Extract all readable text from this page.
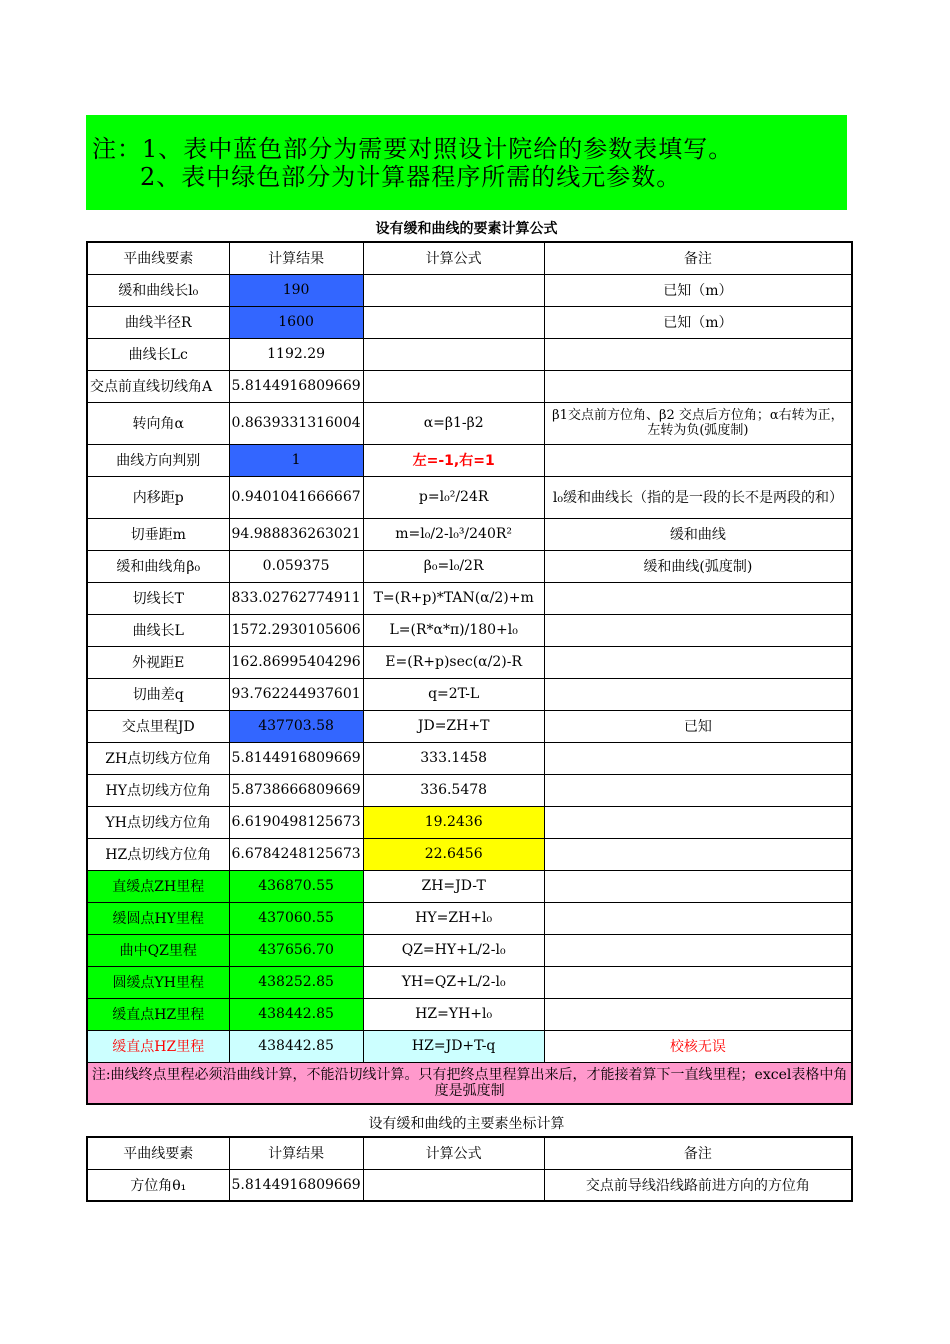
注：1、表中蓝色部分为需要对照设计院给的参数表填写。
2、表中绿色部分为计算器程序所需的线元参数。
设有缓和曲线的要素计算公式
平曲线要素	计算结果	计算公式	备注
缓和曲线长l₀	190		已知（m）
曲线半径R	1600		已知（m）
曲线长Lc	1192.29		
交点前直线切线角A	5.8144916809669		
转向角α	0.8639331316004	α=β1-β2	β1交点前方位角、β2 交点后方位角；α右转为正，左转为负(弧度制)
曲线方向判别	1	左=-1,右=1	
内移距p	0.9401041666667	p=l₀²/24R	l₀缓和曲线长（指的是一段的长不是两段的和）
切垂距m	94.988836263021	m=l₀/2-l₀³/240R²	缓和曲线
缓和曲线角β₀	0.059375	β₀=l₀/2R	缓和曲线(弧度制)
切线长T	833.02762774911	T=(R+p)*TAN(α/2)+m	
曲线长L	1572.2930105606	L=(R*α*π)/180+l₀	
外视距E	162.86995404296	E=(R+p)sec(α/2)-R	
切曲差q	93.762244937601	q=2T-L	
交点里程JD	437703.58	JD=ZH+T	已知
ZH点切线方位角	5.8144916809669	333.1458	
HY点切线方位角	5.8738666809669	336.5478	
YH点切线方位角	6.6190498125673	19.2436	
HZ点切线方位角	6.6784248125673	22.6456	
直缓点ZH里程	436870.55	ZH=JD-T	
缓圆点HY里程	437060.55	HY=ZH+l₀	
曲中QZ里程	437656.70	QZ=HY+L/2-l₀	
圆缓点YH里程	438252.85	YH=QZ+L/2-l₀	
缓直点HZ里程	438442.85	HZ=YH+l₀	
缓直点HZ里程	438442.85	HZ=JD+T-q	校核无误
注:曲线终点里程必须沿曲线计算，不能沿切线计算。只有把终点里程算出来后，才能接着算下一直线里程；excel表格中角度是弧度制			
设有缓和曲线的主要素坐标计算
平曲线要素	计算结果	计算公式	备注
方位角θ₁	5.8144916809669		交点前导线沿线路前进方向的方位角
